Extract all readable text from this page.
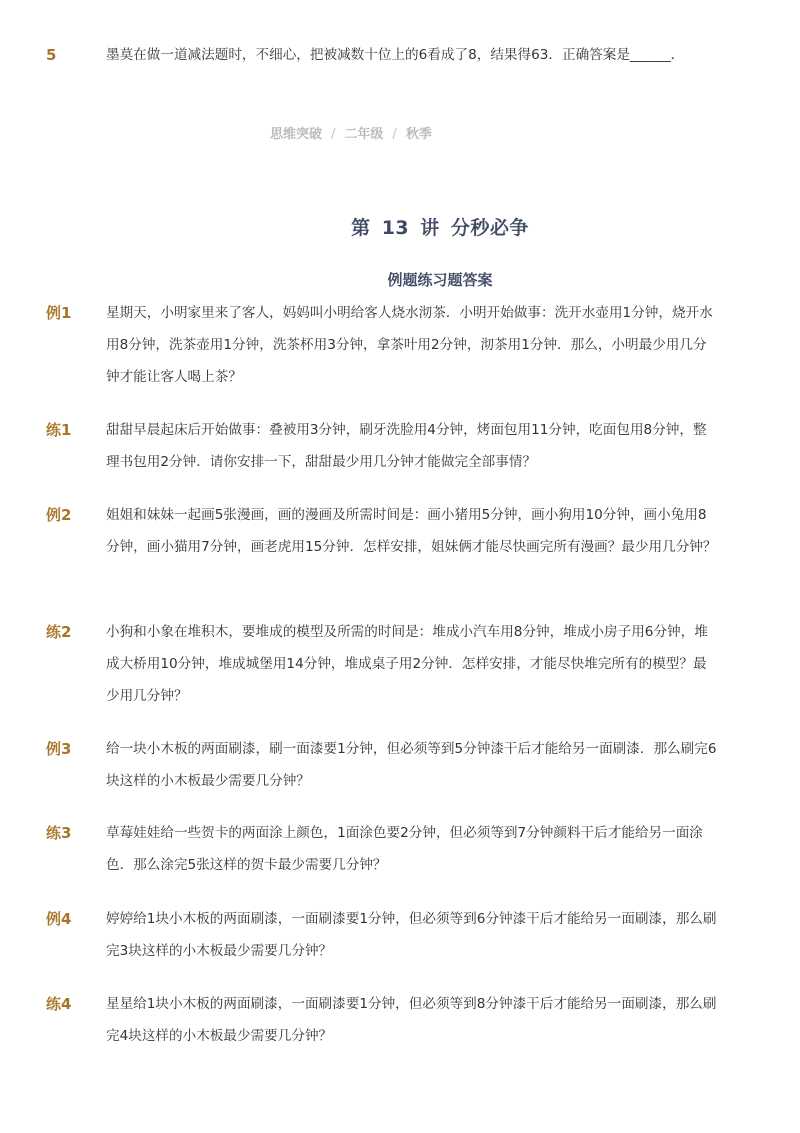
5	墨莫在做一道减法题时，不细心，把被减数十位上的6看成了8，结果得63．正确答案是______．
思维突破 / 二年级 / 秋季
第 13 讲 分秒必争
例题练习题答案
例1	星期天，小明家里来了客人，妈妈叫小明给客人烧水沏茶．小明开始做事：洗开水壶用1分钟，烧开水用8分钟，洗茶壶用1分钟，洗茶杯用3分钟，拿茶叶用2分钟，沏茶用1分钟．那么，小明最少用几分钟才能让客人喝上茶？
练1	甜甜早晨起床后开始做事：叠被用3分钟，刷牙洗脸用4分钟，烤面包用11分钟，吃面包用8分钟，整理书包用2分钟．请你安排一下，甜甜最少用几分钟才能做完全部事情？
例2	姐姐和妹妹一起画5张漫画，画的漫画及所需时间是：画小猪用5分钟，画小狗用10分钟，画小兔用8分钟，画小猫用7分钟，画老虎用15分钟．怎样安排，姐妹俩才能尽快画完所有漫画？最少用几分钟？
练2	小狗和小象在堆积木，要堆成的模型及所需的时间是：堆成小汽车用8分钟，堆成小房子用6分钟，堆成大桥用10分钟，堆成城堡用14分钟，堆成桌子用2分钟．怎样安排，才能尽快堆完所有的模型？最少用几分钟？
例3	给一块小木板的两面刷漆，刷一面漆要1分钟，但必须等到5分钟漆干后才能给另一面刷漆．那么刷完6块这样的小木板最少需要几分钟？
练3	草莓娃娃给一些贺卡的两面涂上颜色，1面涂色要2分钟，但必须等到7分钟颜料干后才能给另一面涂色．那么涂完5张这样的贺卡最少需要几分钟？
例4	婷婷给1块小木板的两面刷漆，一面刷漆要1分钟，但必须等到6分钟漆干后才能给另一面刷漆，那么刷完3块这样的小木板最少需要几分钟？
练4	星星给1块小木板的两面刷漆，一面刷漆要1分钟，但必须等到8分钟漆干后才能给另一面刷漆，那么刷完4块这样的小木板最少需要几分钟？
